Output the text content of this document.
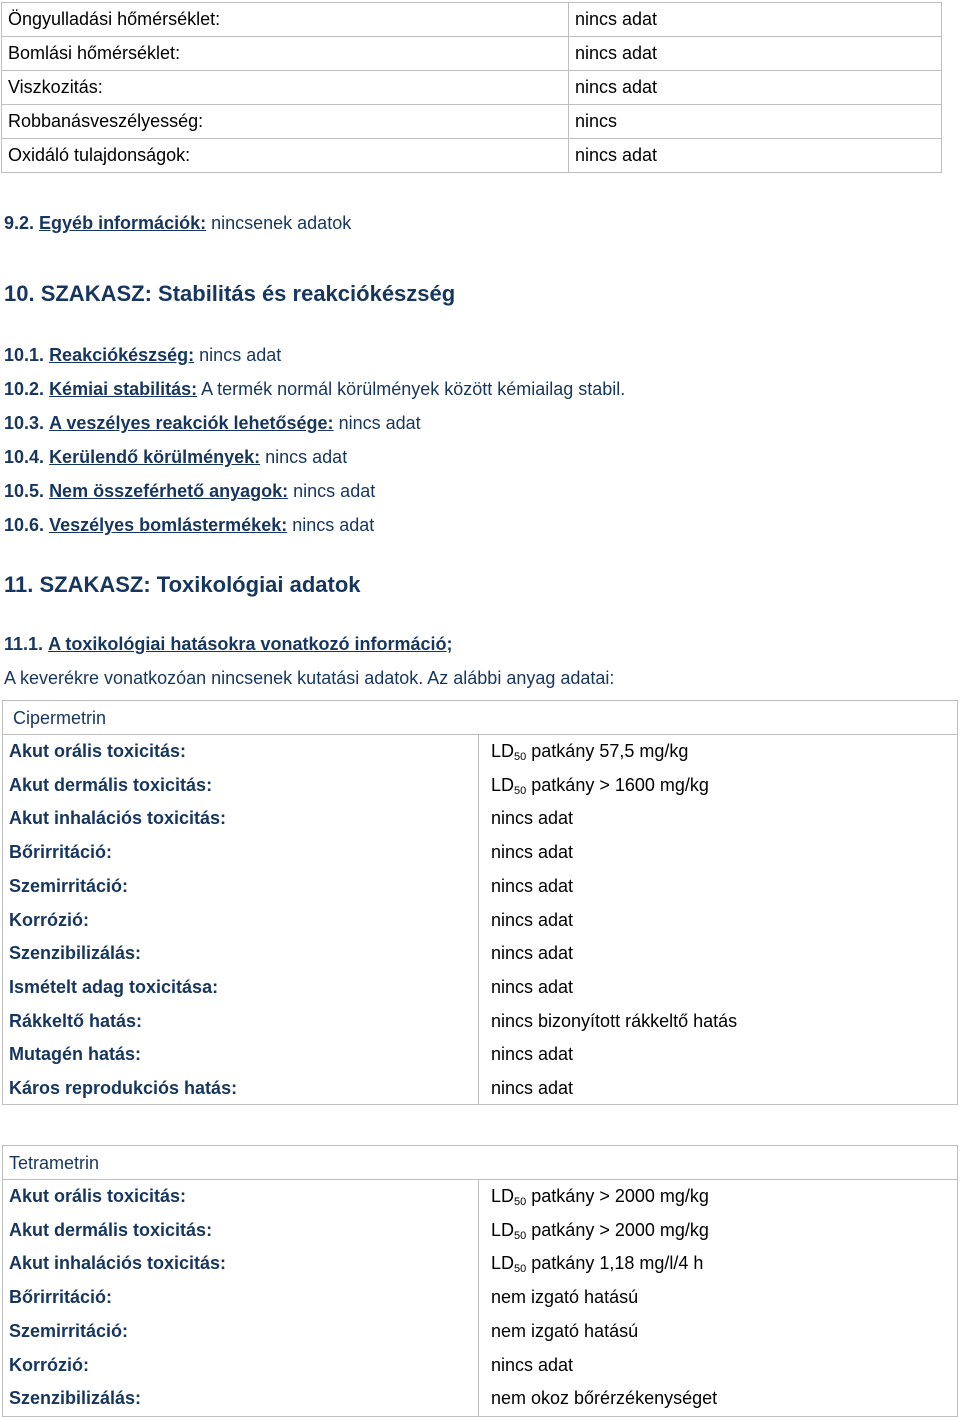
Öngyulladási hőmérséklet:	nincs adat
Bomlási hőmérséklet:	nincs adat
Viszkozitás:	nincs adat
Robbanásveszélyesség:	nincs
Oxidáló tulajdonságok:	nincs adat
9.2. Egyéb információk: nincsenek adatok
10. SZAKASZ: Stabilitás és reakciókészség
10.1. Reakciókészség: nincs adat
10.2. Kémiai stabilitás: A termék normál körülmények között kémiailag stabil.
10.3. A veszélyes reakciók lehetősége: nincs adat
10.4. Kerülendő körülmények: nincs adat
10.5. Nem összeférhető anyagok: nincs adat
10.6. Veszélyes bomlástermékek: nincs adat
11. SZAKASZ: Toxikológiai adatok
11.1. A toxikológiai hatásokra vonatkozó információ;
A keverékre vonatkozóan nincsenek kutatási adatok. Az alábbi anyag adatai:
Cipermetrin
Akut orális toxicitás:	$LD_{50}$ patkány 57,5 mg/kg
Akut dermális toxicitás:	$LD_{50}$ patkány > 1600 mg/kg
Akut inhalációs toxicitás:	nincs adat
Bőrirritáció:	nincs adat
Szemirritáció:	nincs adat
Korrózió:	nincs adat
Szenzibilizálás:	nincs adat
Ismételt adag toxicitása:	nincs adat
Rákkeltő hatás:	nincs bizonyított rákkeltő hatás
Mutagén hatás:	nincs adat
Káros reprodukciós hatás:	nincs adat
Tetrametrin
Akut orális toxicitás:	$LD_{50}$ patkány > 2000 mg/kg
Akut dermális toxicitás:	$LD_{50}$ patkány > 2000 mg/kg
Akut inhalációs toxicitás:	$LD_{50}$ patkány 1,18 mg/l/4 h
Bőrirritáció:	nem izgató hatású
Szemirritáció:	nem izgató hatású
Korrózió:	nincs adat
Szenzibilizálás:	nem okoz bőrérzékenységet
